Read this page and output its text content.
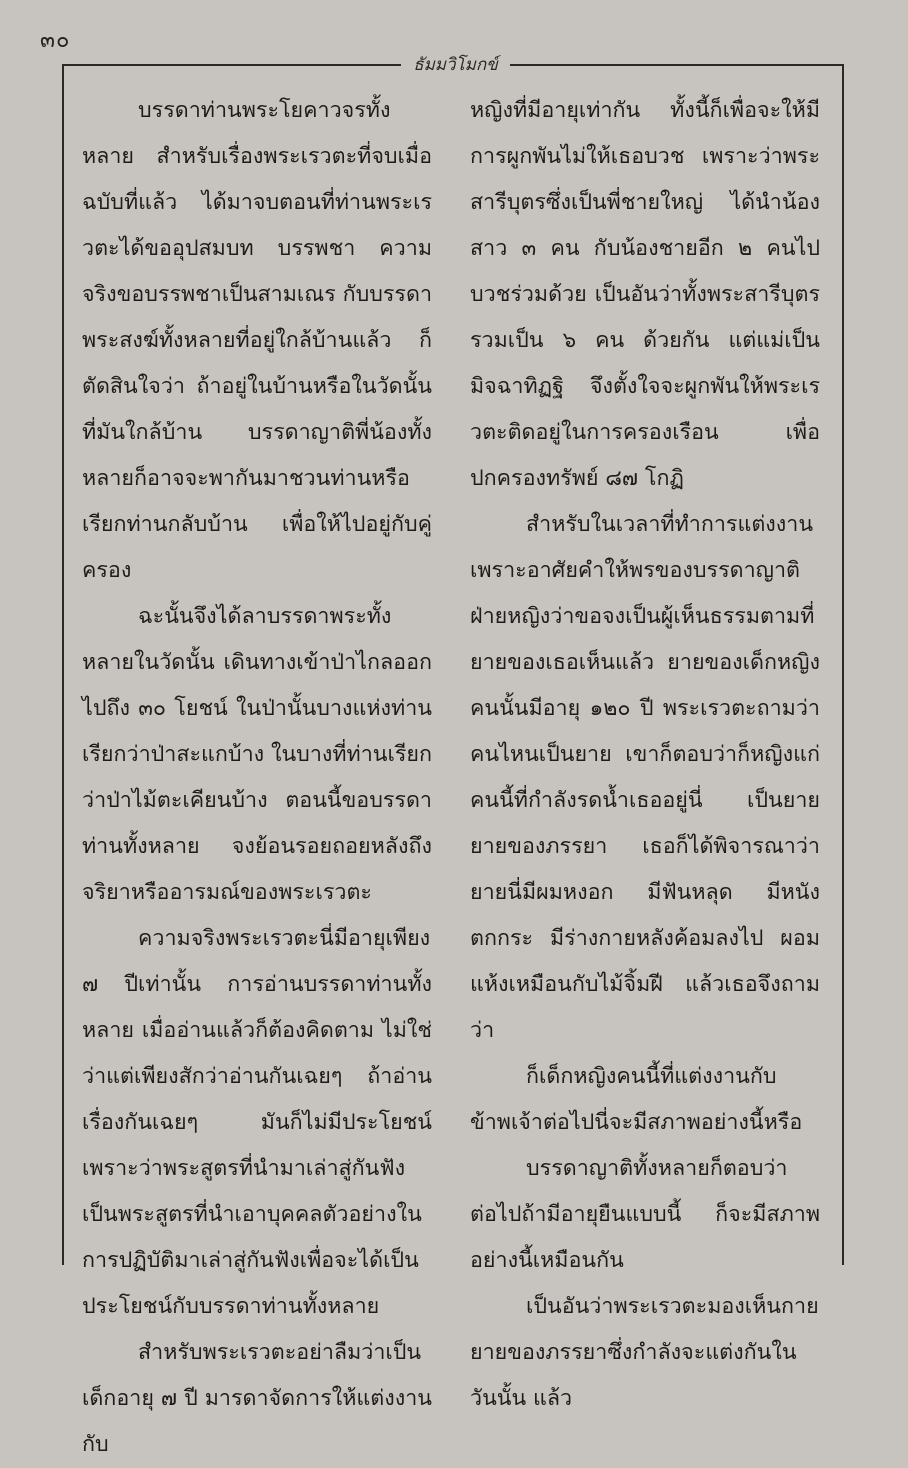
๓๐
ธัมมวิโมกข์

บรรดาท่านพระโยคาวจรทั้งหลาย สำหรับเรื่องพระเรวตะที่จบเมื่อฉบับที่แล้ว ได้มาจบตอนที่ท่านพระเรวตะได้ขออุปสมบท บรรพชา ความจริงขอบรรพชาเป็นสามเณร กับบรรดาพระสงฆ์ทั้งหลายที่อยู่ใกล้บ้านแล้ว ก็ตัดสินใจว่า ถ้าอยู่ในบ้านหรือในวัดนั้นที่มันใกล้บ้าน บรรดาญาติพี่น้องทั้งหลายก็อาจจะพากันมาชวนท่านหรือเรียกท่านกลับบ้าน เพื่อให้ไปอยู่กับคู่ครอง

ฉะนั้นจึงได้ลาบรรดาพระทั้งหลายในวัดนั้น เดินทางเข้าป่าไกลออกไปถึง ๓๐ โยชน์ ในป่านั้นบางแห่งท่านเรียกว่าป่าสะแกบ้าง ในบางที่ท่านเรียกว่าป่าไม้ตะเคียนบ้าง ตอนนี้ขอบรรดาท่านทั้งหลาย จงย้อนรอยถอยหลังถึงจริยาหรืออารมณ์ของพระเรวตะ

ความจริงพระเรวตะนี่มีอายุเพียง ๗ ปีเท่านั้น การอ่านบรรดาท่านทั้งหลาย เมื่ออ่านแล้วก็ต้องคิดตาม ไม่ใช่ว่าแต่เพียงสักว่าอ่านกันเฉยๆ ถ้าอ่านเรื่องกันเฉยๆ มันก็ไม่มีประโยชน์ เพราะว่าพระสูตรที่นำมาเล่าสู่กันฟัง เป็นพระสูตรที่นำเอาบุคคลตัวอย่างในการปฏิบัติมาเล่าสู่กันฟังเพื่อจะได้เป็นประโยชน์กับบรรดาท่านทั้งหลาย

สำหรับพระเรวตะอย่าลืมว่าเป็นเด็กอายุ ๗ ปี มารดาจัดการให้แต่งงานกับ

หญิงที่มีอายุเท่ากัน ทั้งนี้ก็เพื่อจะให้มีการผูกพันไม่ให้เธอบวช เพราะว่าพระสารีบุตรซึ่งเป็นพี่ชายใหญ่ ได้นำน้องสาว ๓ คน กับน้องชายอีก ๒ คนไปบวชร่วมด้วย เป็นอันว่าทั้งพระสารีบุตรรวมเป็น ๖ คน ด้วยกัน แต่แม่เป็นมิจฉาทิฏฐิ จึงตั้งใจจะผูกพันให้พระเรวตะติดอยู่ในการครองเรือน เพื่อปกครองทรัพย์ ๘๗ โกฏิ

สำหรับในเวลาที่ทำการแต่งงาน เพราะอาศัยคำให้พรของบรรดาญาติฝ่ายหญิงว่าขอจงเป็นผู้เห็นธรรมตามที่ยายของเธอเห็นแล้ว ยายของเด็กหญิงคนนั้นมีอายุ ๑๒๐ ปี พระเรวตะถามว่า คนไหนเป็นยาย เขาก็ตอบว่าก็หญิงแก่คนนี้ที่กำลังรดน้ำเธออยู่นี่ เป็นยาย ยายของภรรยา เธอก็ได้พิจารณาว่ายายนี่มีผมหงอก มีฟันหลุด มีหนังตกกระ มีร่างกายหลังค้อมลงไป ผอมแห้งเหมือนกับไม้จิ้มฝี แล้วเธอจึงถามว่า

ก็เด็กหญิงคนนี้ที่แต่งงานกับข้าพเจ้าต่อไปนี่จะมีสภาพอย่างนี้หรือ

บรรดาญาติทั้งหลายก็ตอบว่า ต่อไปถ้ามีอายุยืนแบบนี้ ก็จะมีสภาพอย่างนี้เหมือนกัน

เป็นอันว่าพระเรวตะมองเห็นกายยายของภรรยาซึ่งกำลังจะแต่งกันในวันนั้น แล้ว
